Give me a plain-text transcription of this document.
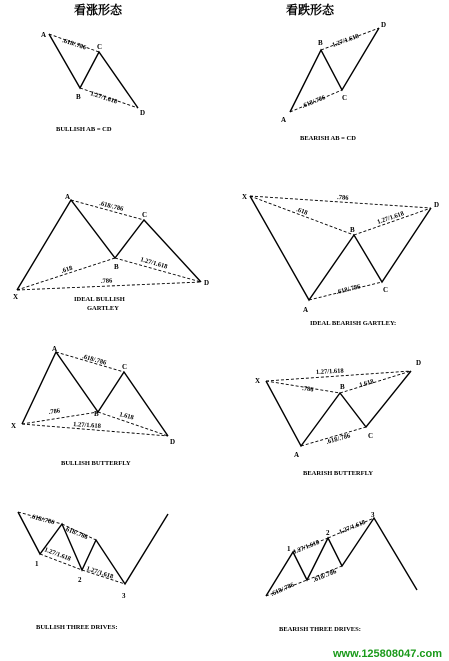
看涨形态	看跌形态
A
B
C
D
.618/.786
1.27/1.618
BULLISH AB = CD
A
B
C
D
1.27/1.618
.618/.786
BEARISH AB = CD
X
A
B
C
D
.618/.786
1.27/1.618
.618
.786
IDEAL BULLISH
GARTLEY
X
A
B
C
D
.786
.618	1.27/1.618
.618/.786
IDEAL BEARISH GARTLEY:
X
A
B
C
D
.618/.786
.786	1.618
1.27/1.618
BULLISH BUTTERFLY
X
A
B
C
D
1.27/1.618
.786
1.618
.618/.786
BEARISH BUTTERFLY
1
2
3
.618/.786
.618/.786
1.27/1.618
1.27/1.618
BULLISH THREE DRIVES:
1
2
3
1.27/1.618
1.27/1.618
.618/.786
.618/.786
BEARISH THREE DRIVES:
www.125808047.com
